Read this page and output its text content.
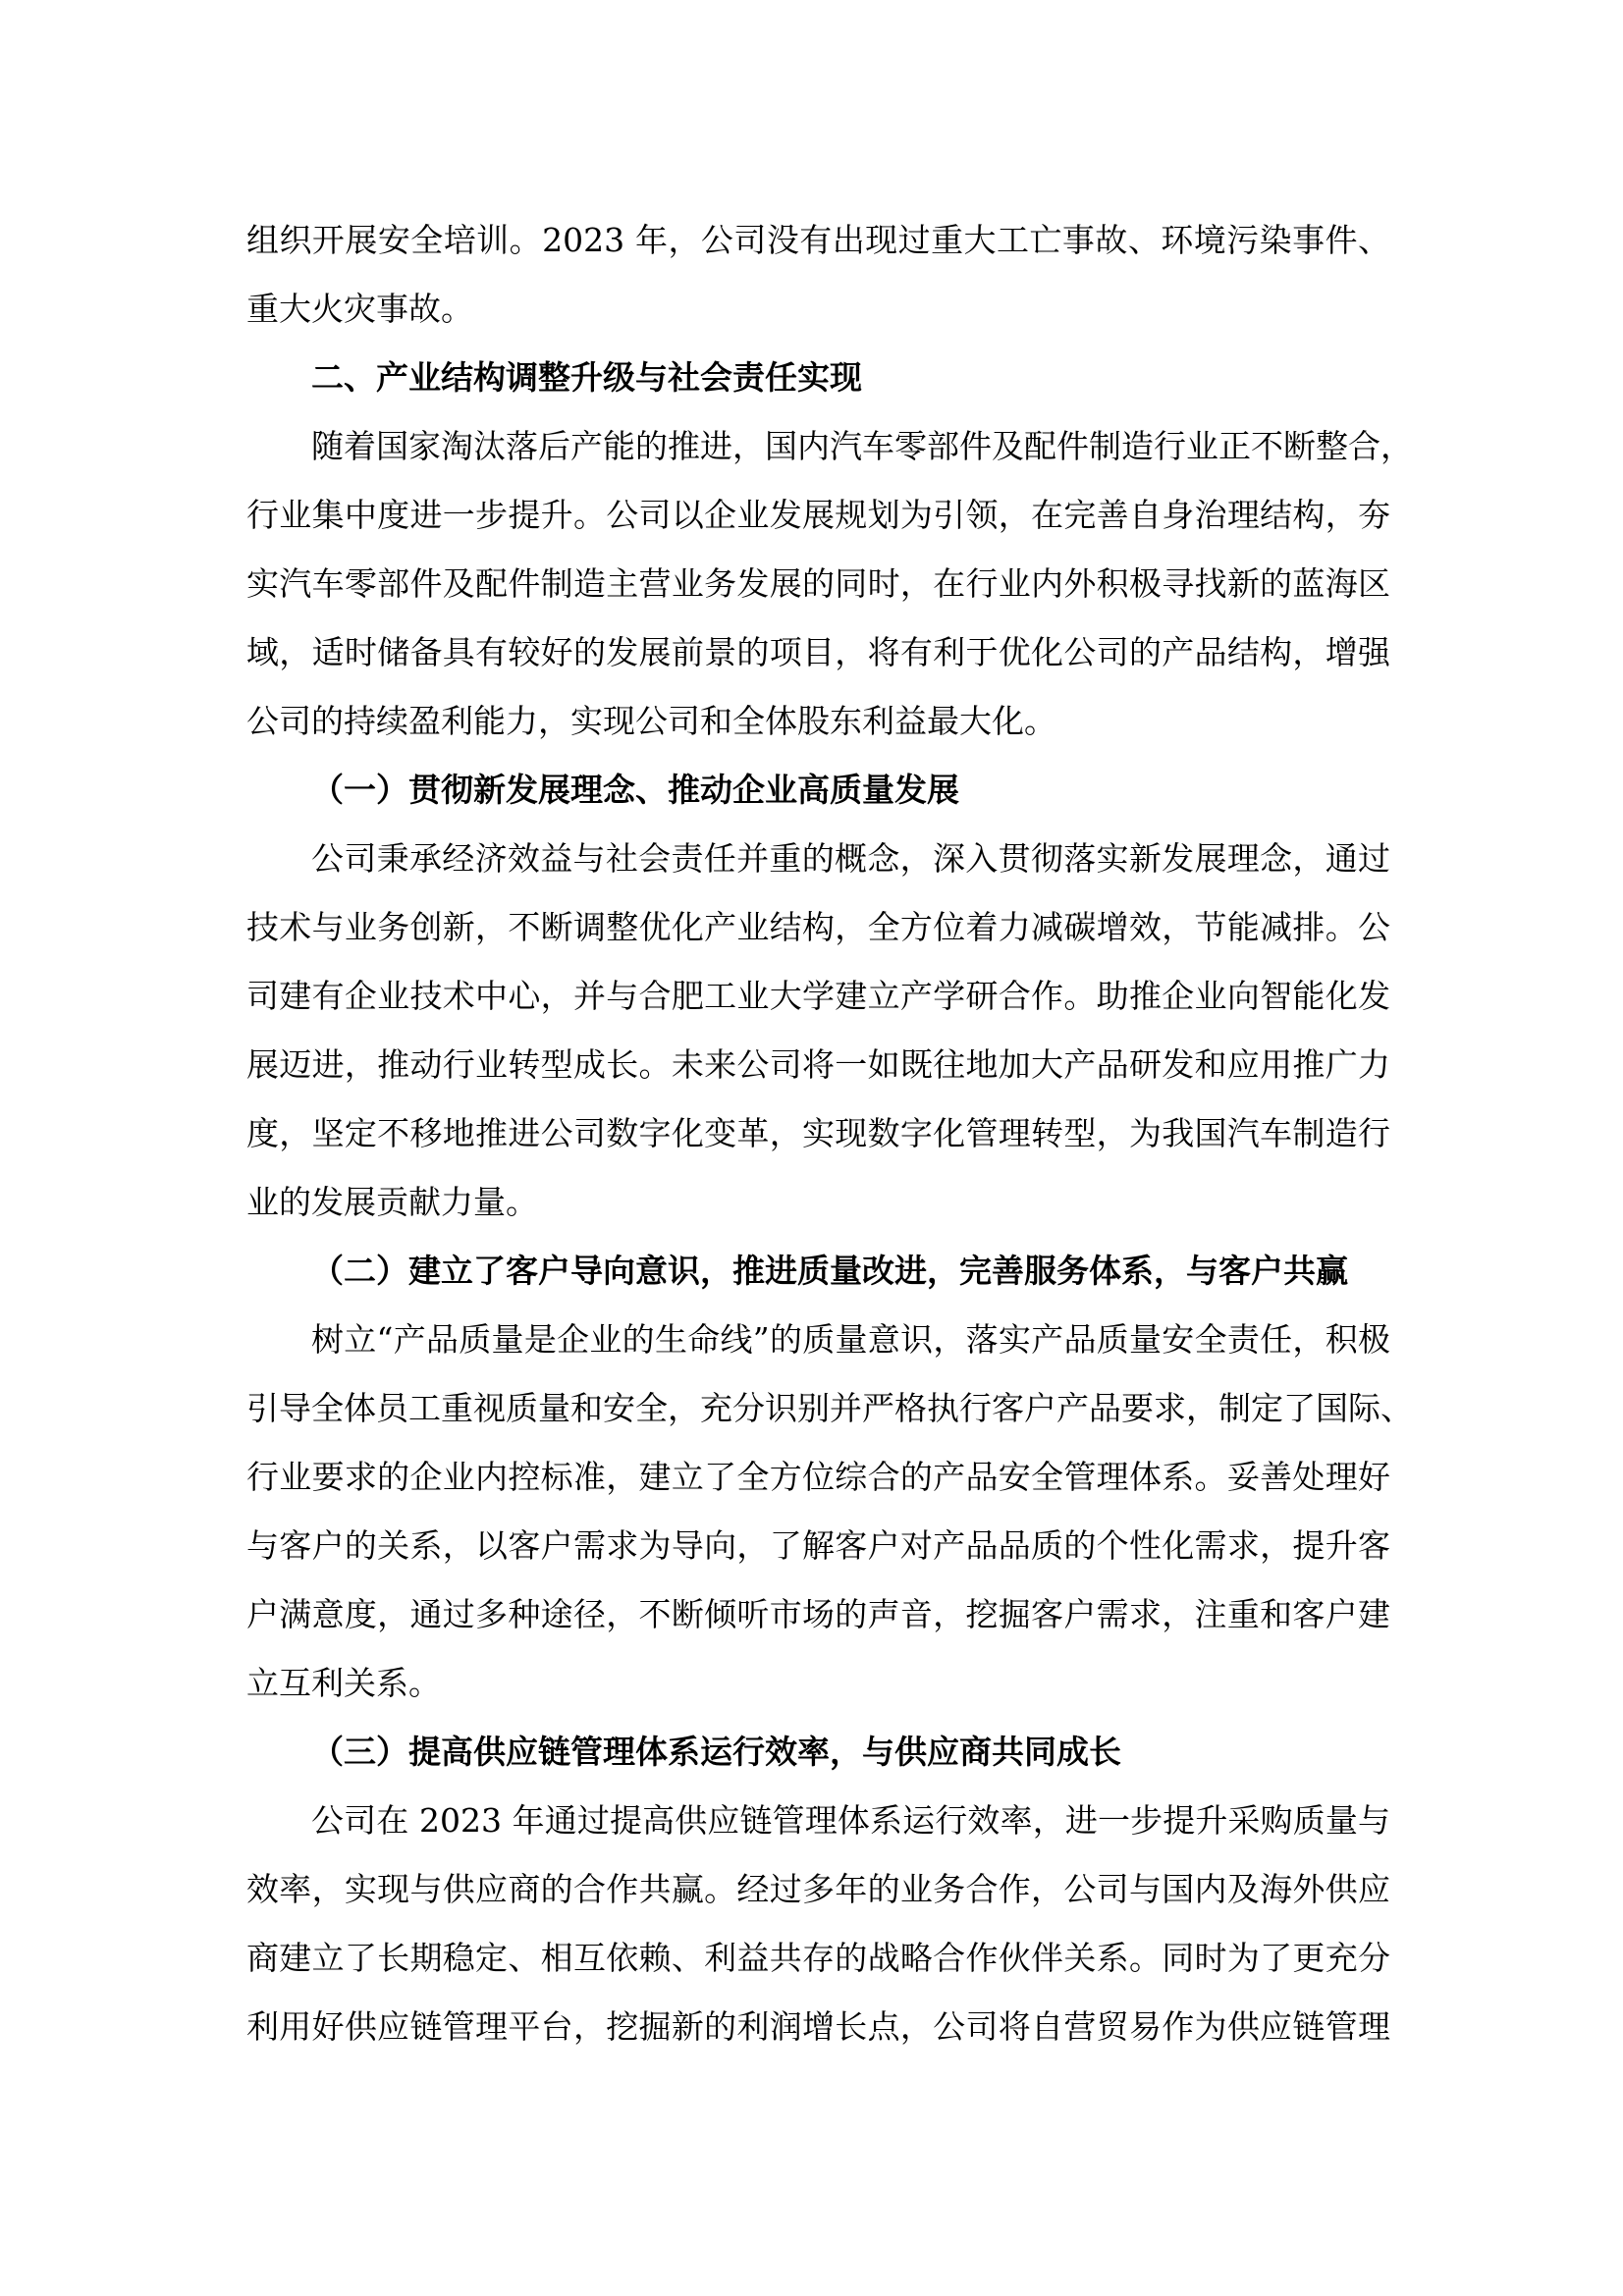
组织开展安全培训。2023 年，公司没有出现过重大工亡事故、环境污染事件、
重大火灾事故。
二、产业结构调整升级与社会责任实现
随着国家淘汰落后产能的推进，国内汽车零部件及配件制造行业正不断整合，
行业集中度进一步提升。公司以企业发展规划为引领，在完善自身治理结构，夯
实汽车零部件及配件制造主营业务发展的同时，在行业内外积极寻找新的蓝海区
域，适时储备具有较好的发展前景的项目，将有利于优化公司的产品结构，增强
公司的持续盈利能力，实现公司和全体股东利益最大化。
（一）贯彻新发展理念、推动企业高质量发展
公司秉承经济效益与社会责任并重的概念，深入贯彻落实新发展理念，通过
技术与业务创新，不断调整优化产业结构，全方位着力减碳增效，节能减排。公
司建有企业技术中心，并与合肥工业大学建立产学研合作。助推企业向智能化发
展迈进，推动行业转型成长。未来公司将一如既往地加大产品研发和应用推广力
度，坚定不移地推进公司数字化变革，实现数字化管理转型，为我国汽车制造行
业的发展贡献力量。
（二）建立了客户导向意识，推进质量改进，完善服务体系，与客户共赢
树立“产品质量是企业的生命线”的质量意识，落实产品质量安全责任，积极
引导全体员工重视质量和安全，充分识别并严格执行客户产品要求，制定了国际、
行业要求的企业内控标准，建立了全方位综合的产品安全管理体系。妥善处理好
与客户的关系，以客户需求为导向，了解客户对产品品质的个性化需求，提升客
户满意度，通过多种途径，不断倾听市场的声音，挖掘客户需求，注重和客户建
立互利关系。
（三）提高供应链管理体系运行效率，与供应商共同成长
公司在 2023 年通过提高供应链管理体系运行效率，进一步提升采购质量与
效率，实现与供应商的合作共赢。经过多年的业务合作，公司与国内及海外供应
商建立了长期稳定、相互依赖、利益共存的战略合作伙伴关系。同时为了更充分
利用好供应链管理平台，挖掘新的利润增长点，公司将自营贸易作为供应链管理
